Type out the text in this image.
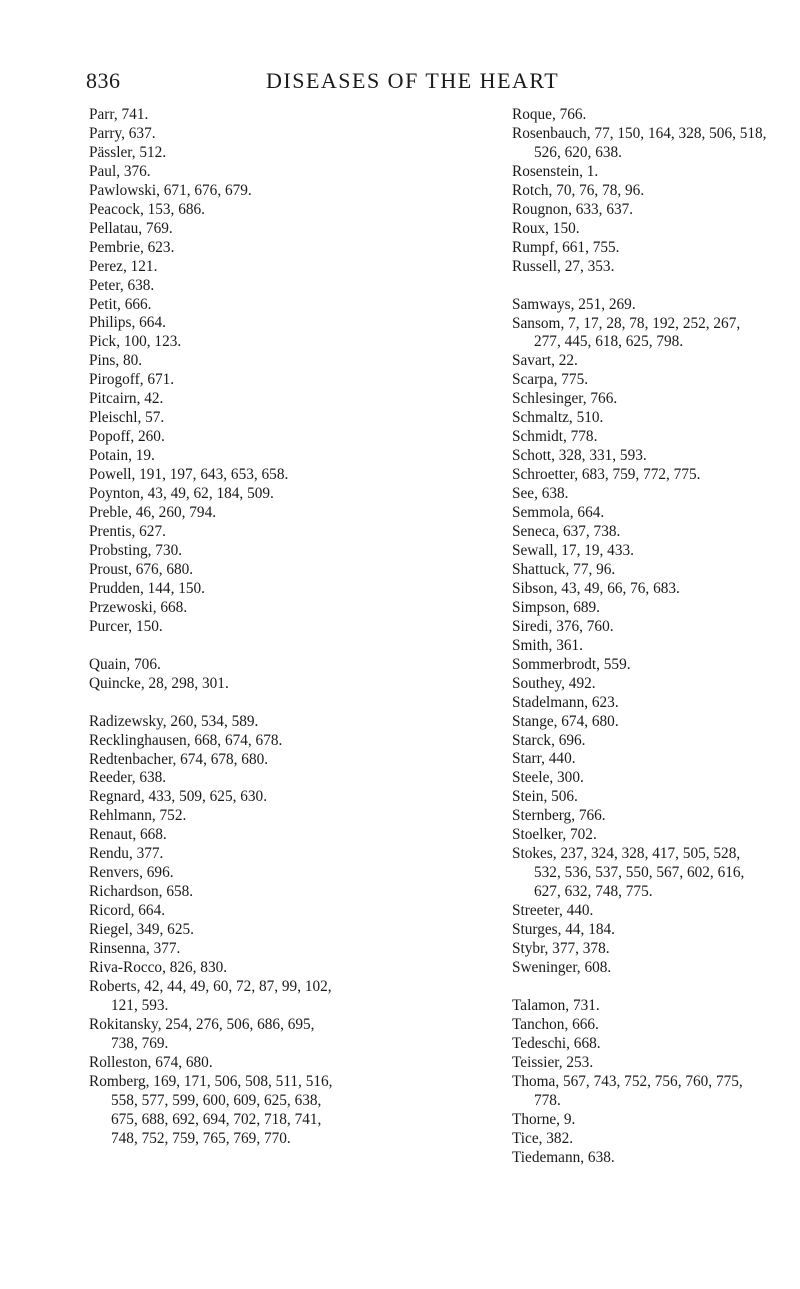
836	DISEASES OF THE HEART
Parr, 741.
Parry, 637.
Pässler, 512.
Paul, 376.
Pawlowski, 671, 676, 679.
Peacock, 153, 686.
Pellatau, 769.
Pembrie, 623.
Perez, 121.
Peter, 638.
Petit, 666.
Philips, 664.
Pick, 100, 123.
Pins, 80.
Pirogoff, 671.
Pitcairn, 42.
Pleischl, 57.
Popoff, 260.
Potain, 19.
Powell, 191, 197, 643, 653, 658.
Poynton, 43, 49, 62, 184, 509.
Preble, 46, 260, 794.
Prentis, 627.
Probsting, 730.
Proust, 676, 680.
Prudden, 144, 150.
Przewoski, 668.
Purcer, 150.
Quain, 706.
Quincke, 28, 298, 301.
Radizewsky, 260, 534, 589.
Recklinghausen, 668, 674, 678.
Redtenbacher, 674, 678, 680.
Reeder, 638.
Regnard, 433, 509, 625, 630.
Rehlmann, 752.
Renaut, 668.
Rendu, 377.
Renvers, 696.
Richardson, 658.
Ricord, 664.
Riegel, 349, 625.
Rinsenna, 377.
Riva-Rocco, 826, 830.
Roberts, 42, 44, 49, 60, 72, 87, 99, 102,
121, 593.
Rokitansky, 254, 276, 506, 686, 695,
738, 769.
Rolleston, 674, 680.
Romberg, 169, 171, 506, 508, 511, 516,
558, 577, 599, 600, 609, 625, 638,
675, 688, 692, 694, 702, 718, 741,
748, 752, 759, 765, 769, 770.
Roque, 766.
Rosenbauch, 77, 150, 164, 328, 506, 518,
526, 620, 638.
Rosenstein, 1.
Rotch, 70, 76, 78, 96.
Rougnon, 633, 637.
Roux, 150.
Rumpf, 661, 755.
Russell, 27, 353.
Samways, 251, 269.
Sansom, 7, 17, 28, 78, 192, 252, 267,
277, 445, 618, 625, 798.
Savart, 22.
Scarpa, 775.
Schlesinger, 766.
Schmaltz, 510.
Schmidt, 778.
Schott, 328, 331, 593.
Schroetter, 683, 759, 772, 775.
See, 638.
Semmola, 664.
Seneca, 637, 738.
Sewall, 17, 19, 433.
Shattuck, 77, 96.
Sibson, 43, 49, 66, 76, 683.
Simpson, 689.
Siredi, 376, 760.
Smith, 361.
Sommerbrodt, 559.
Southey, 492.
Stadelmann, 623.
Stange, 674, 680.
Starck, 696.
Starr, 440.
Steele, 300.
Stein, 506.
Sternberg, 766.
Stoelker, 702.
Stokes, 237, 324, 328, 417, 505, 528,
532, 536, 537, 550, 567, 602, 616,
627, 632, 748, 775.
Streeter, 440.
Sturges, 44, 184.
Stybr, 377, 378.
Sweninger, 608.
Talamon, 731.
Tanchon, 666.
Tedeschi, 668.
Teissier, 253.
Thoma, 567, 743, 752, 756, 760, 775,
778.
Thorne, 9.
Tice, 382.
Tiedemann, 638.
